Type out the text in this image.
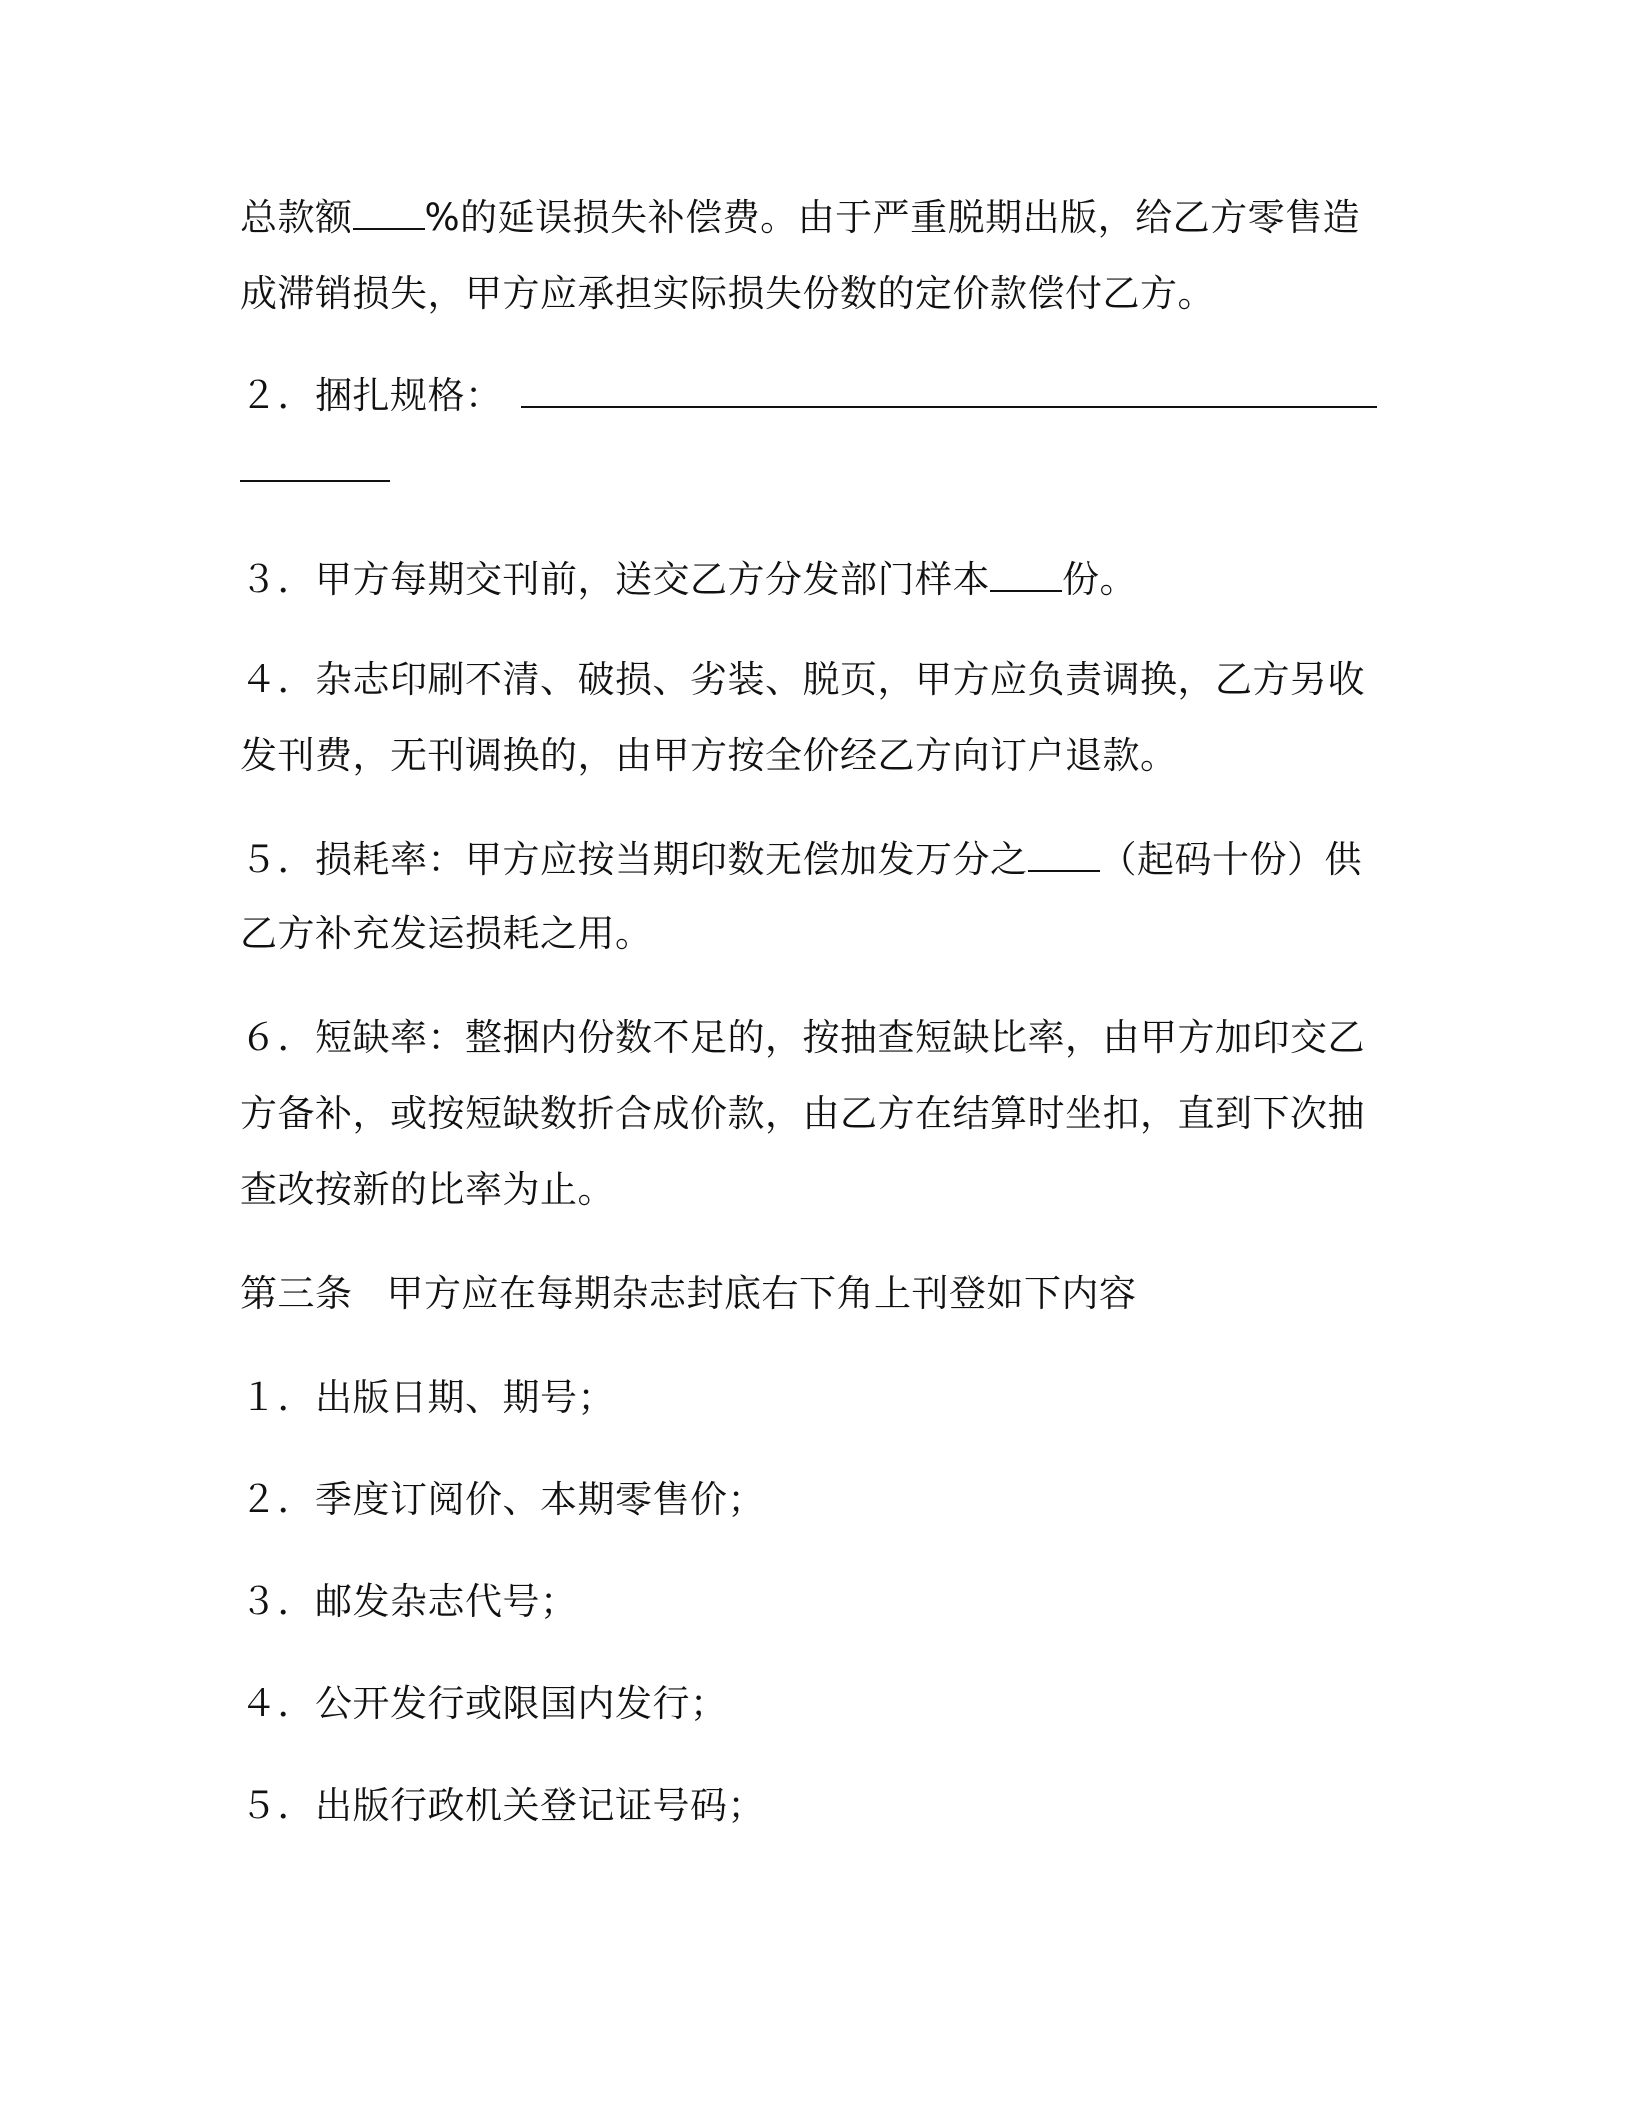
总款额 %的延误损失补偿费。由于严重脱期出版，给乙方零售造
成滞销损失，甲方应承担实际损失份数的定价款偿付乙方。
２．捆扎规格：
３．甲方每期交刊前，送交乙方分发部门样本 份。
４．杂志印刷不清、破损、劣装、脱页，甲方应负责调换，乙方另收
发刊费，无刊调换的，由甲方按全价经乙方向订户退款。
５．损耗率：甲方应按当期印数无偿加发万分之 （起码十份）供
乙方补充发运损耗之用。
６．短缺率：整捆内份数不足的，按抽查短缺比率，由甲方加印交乙
方备补，或按短缺数折合成价款，由乙方在结算时坐扣，直到下次抽
查改按新的比率为止。
第三条 甲方应在每期杂志封底右下角上刊登如下内容
１．出版日期、期号；
２．季度订阅价、本期零售价；
３．邮发杂志代号；
４．公开发行或限国内发行；
５．出版行政机关登记证号码；
